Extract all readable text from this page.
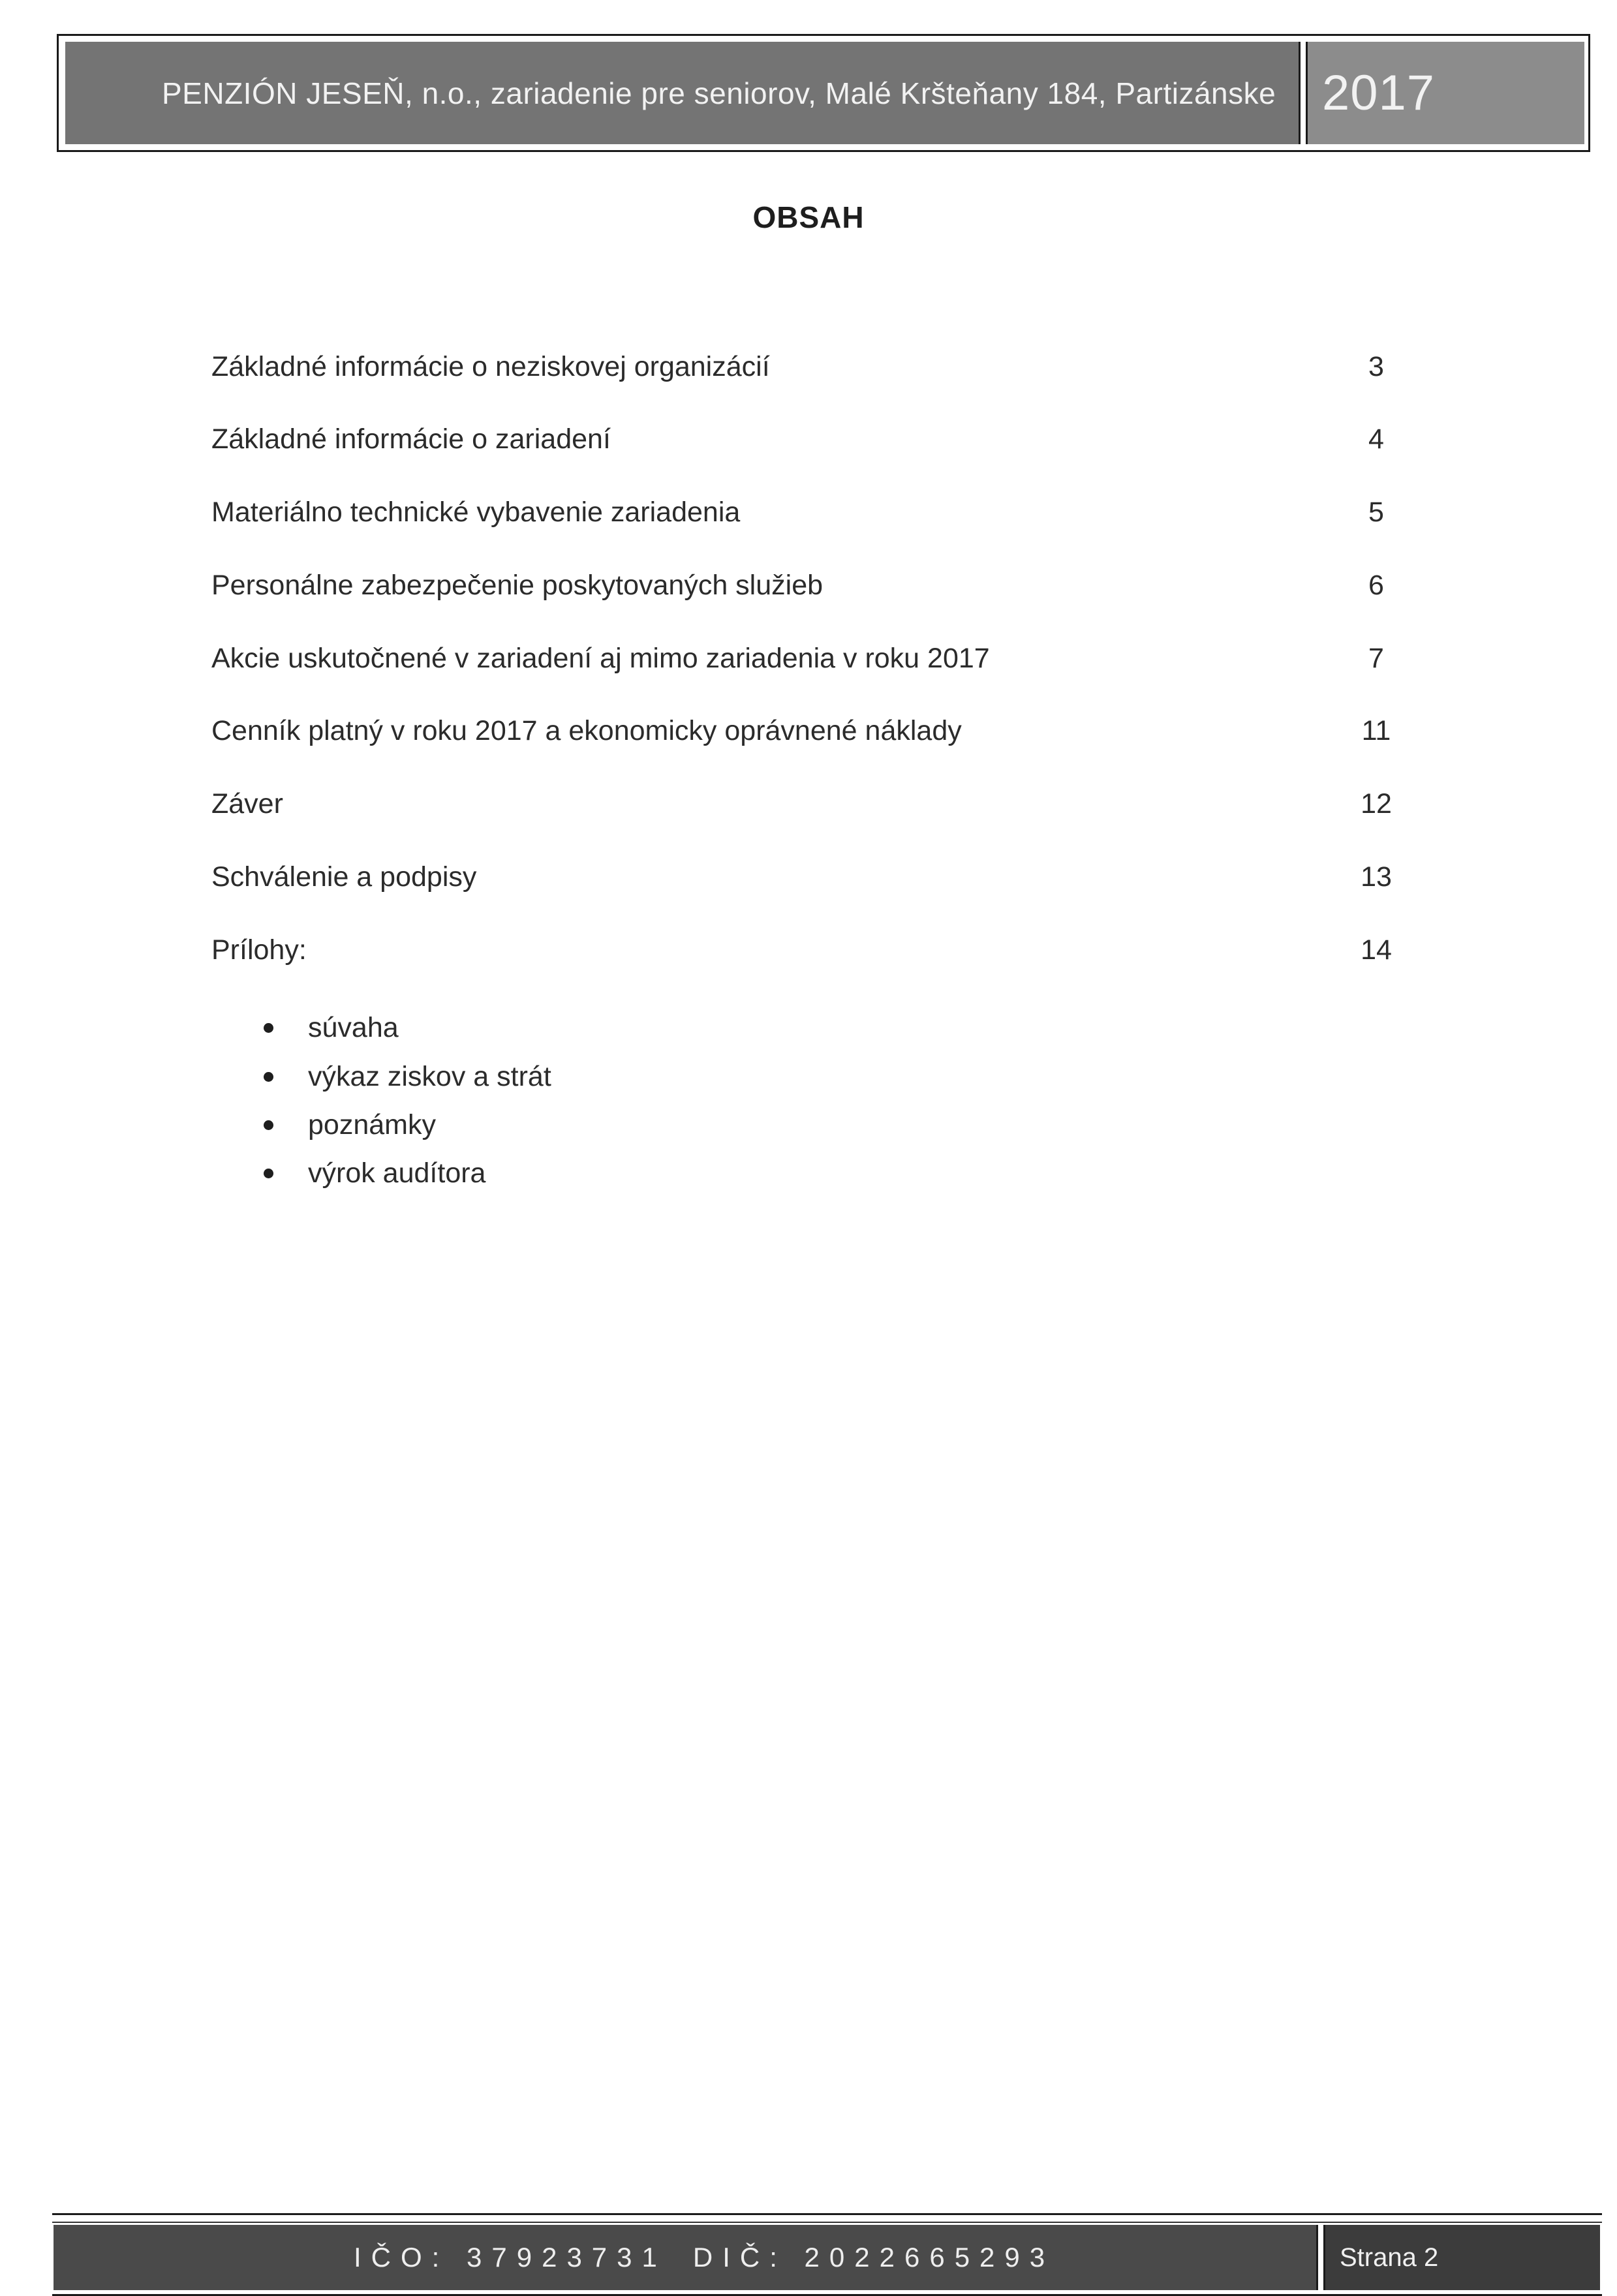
PENZIÓN JESEŇ, n.o., zariadenie pre seniorov, Malé Kršteňany 184, Partizánske 2017
OBSAH
Základné informácie o neziskovej organizácií	3
Základné informácie o zariadení	4
Materiálno technické vybavenie zariadenia	5
Personálne zabezpečenie poskytovaných služieb	6
Akcie uskutočnené v zariadení aj mimo zariadenia v roku 2017	7
Cenník platný v roku 2017 a ekonomicky oprávnené náklady	11
Záver	12
Schválenie a podpisy	13
Prílohy:	14
súvaha
výkaz ziskov a strát
poznámky
výrok audítora
IČO: 37923731 DIČ: 2022665293	Strana 2
